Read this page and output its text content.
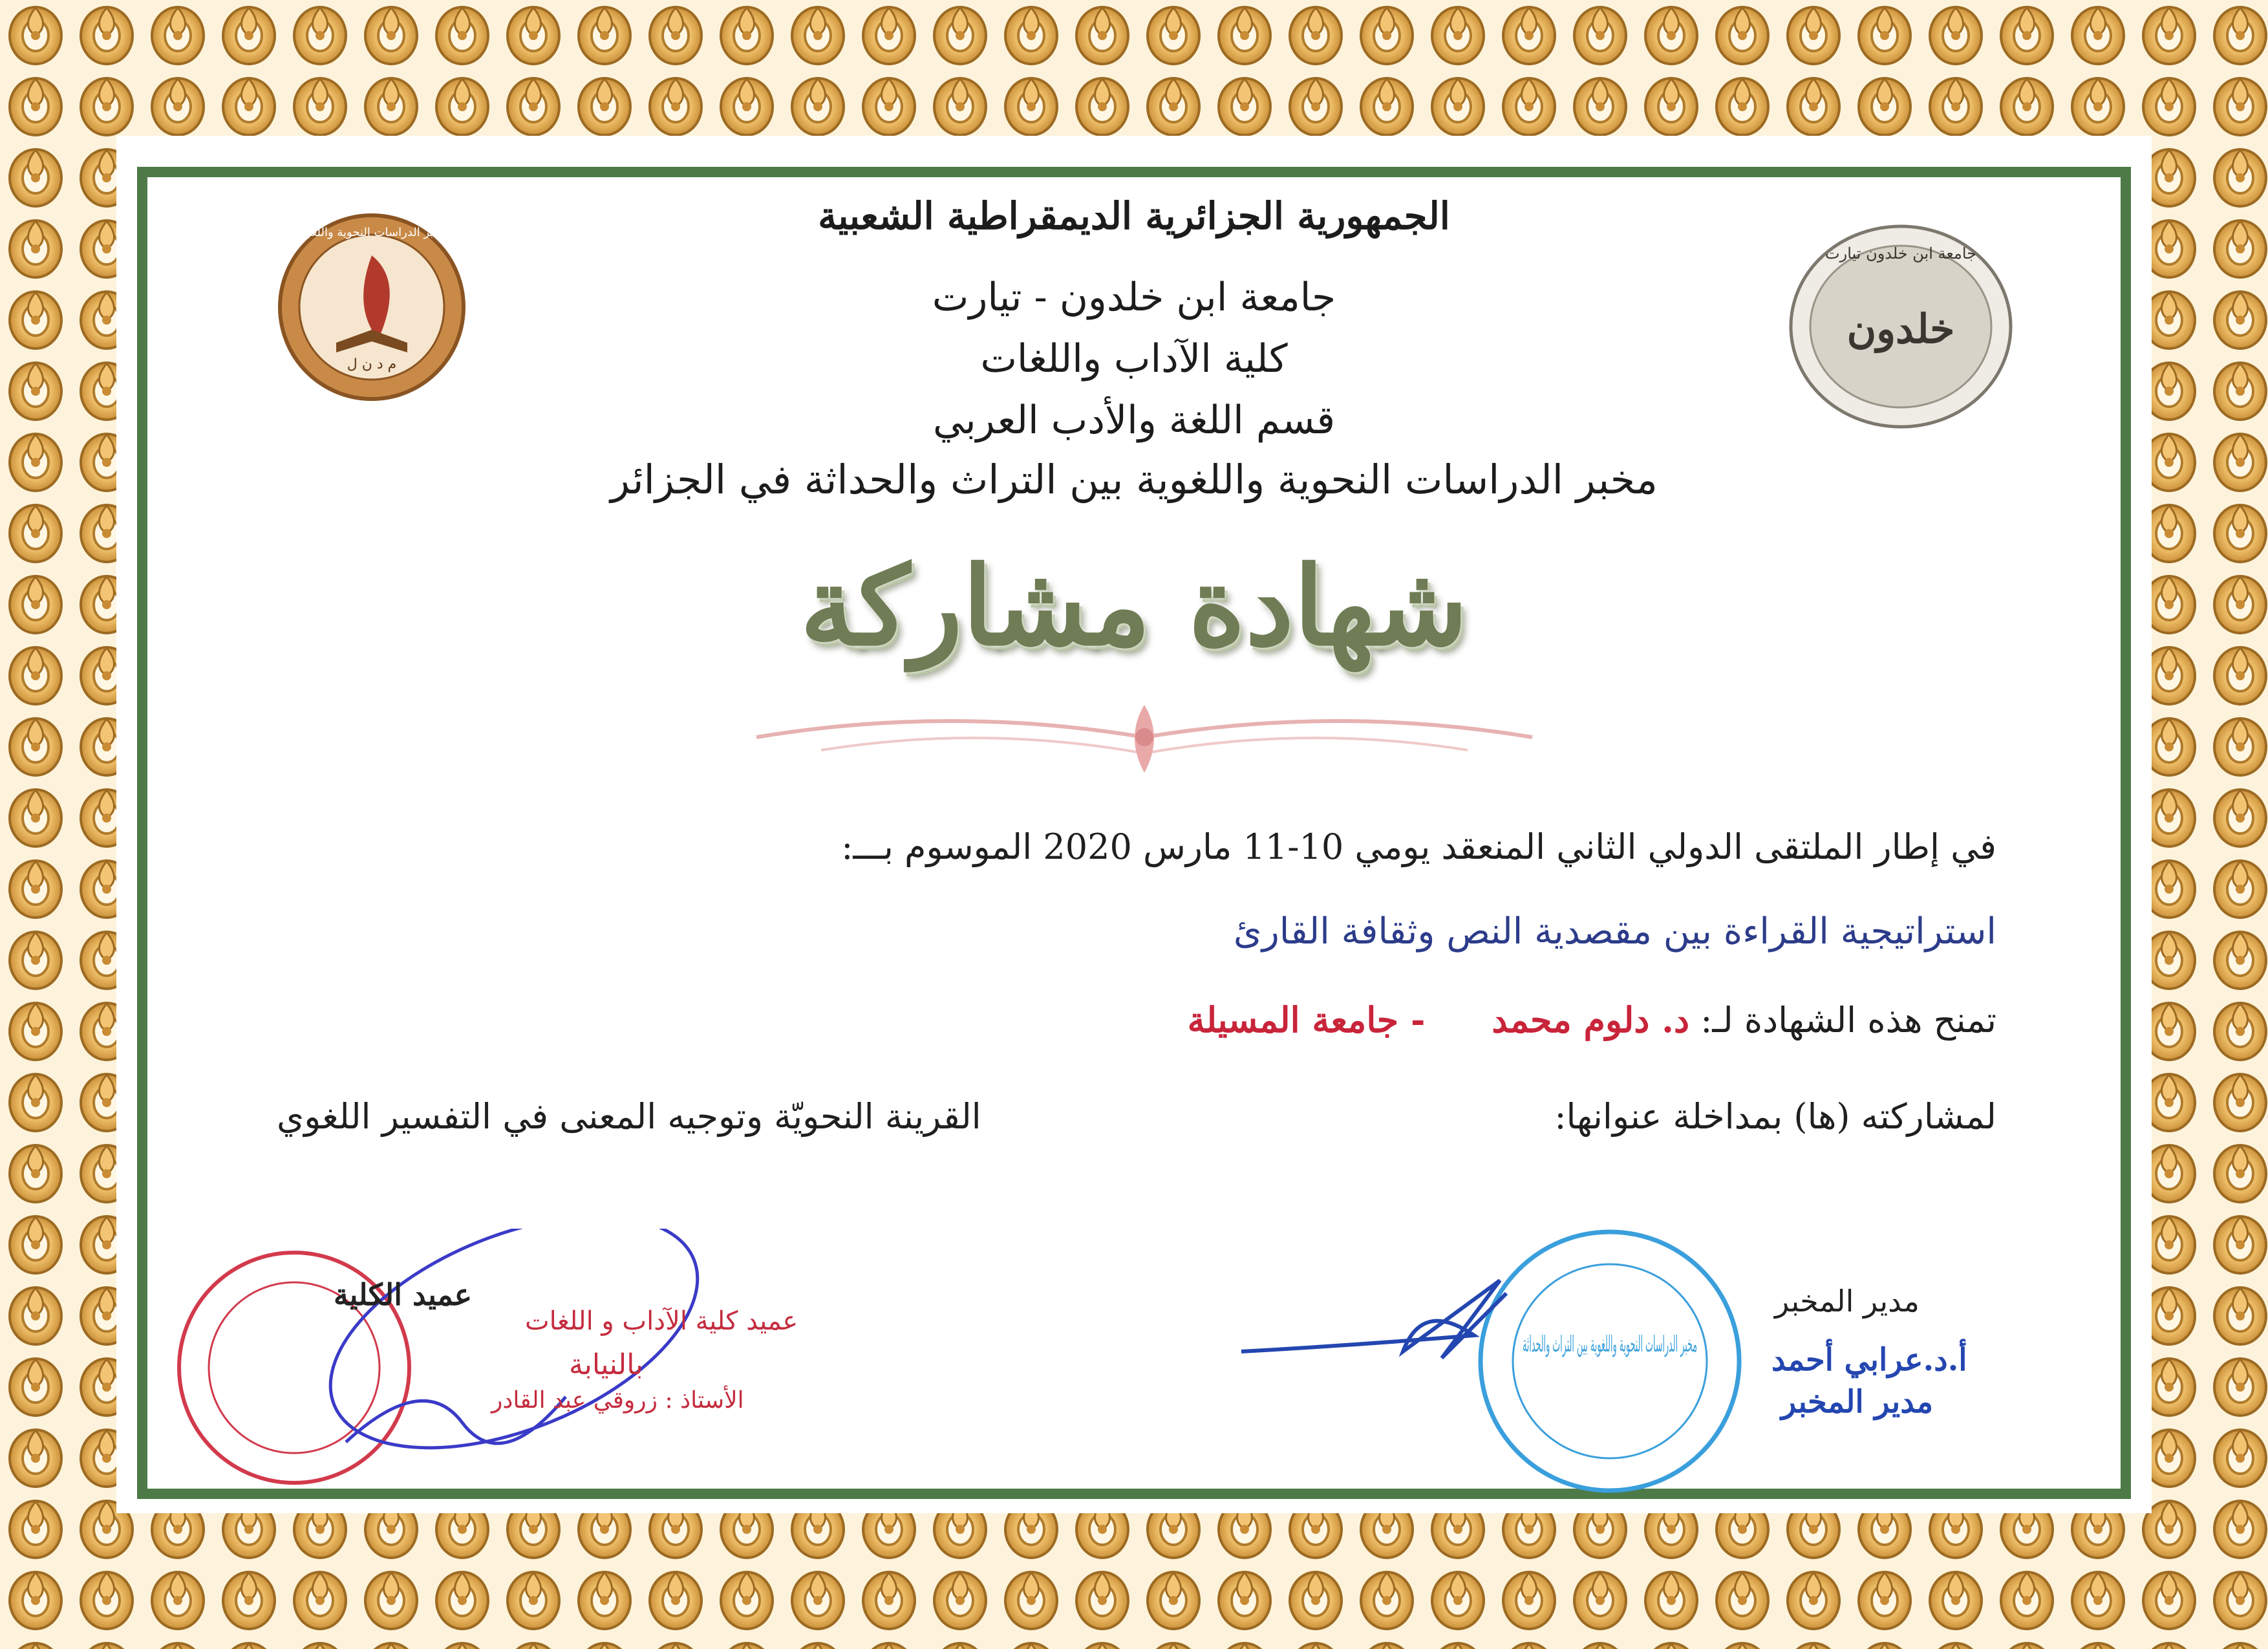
م د ن ل
مخبر الدراسات النحوية واللغوية
خلدون
جامعة ابن خلدون تيارت
الجمهورية الجزائرية الديمقراطية الشعبية
جامعة ابن خلدون - تيارت
كلية الآداب واللغات
قسم اللغة والأدب العربي
مخبر الدراسات النحوية واللغوية بين التراث والحداثة في الجزائر
شهادة مشاركة
في إطار الملتقى الدولي الثاني المنعقد يومي 10-11 مارس 2020 الموسوم بـــ:
استراتيجية القراءة بين مقصدية النص وثقافة القارئ
تمنح هذه الشهادة لـ: د. دلوم محمد      - جامعة المسيلة
لمشاركته (ها) بمداخلة عنوانها:
القرينة النحويّة وتوجيه المعنى في التفسير اللغوي
عميد الكلية
عميد كلية الآداب و اللغات
بالنيابة
الأستاذ : زروقي عبد القادر
مخبر الدراسات النحوية واللغوية بين التراث والحداثة
مدير المخبر
أ.د.عرابي أحمد
مدير المخبر
